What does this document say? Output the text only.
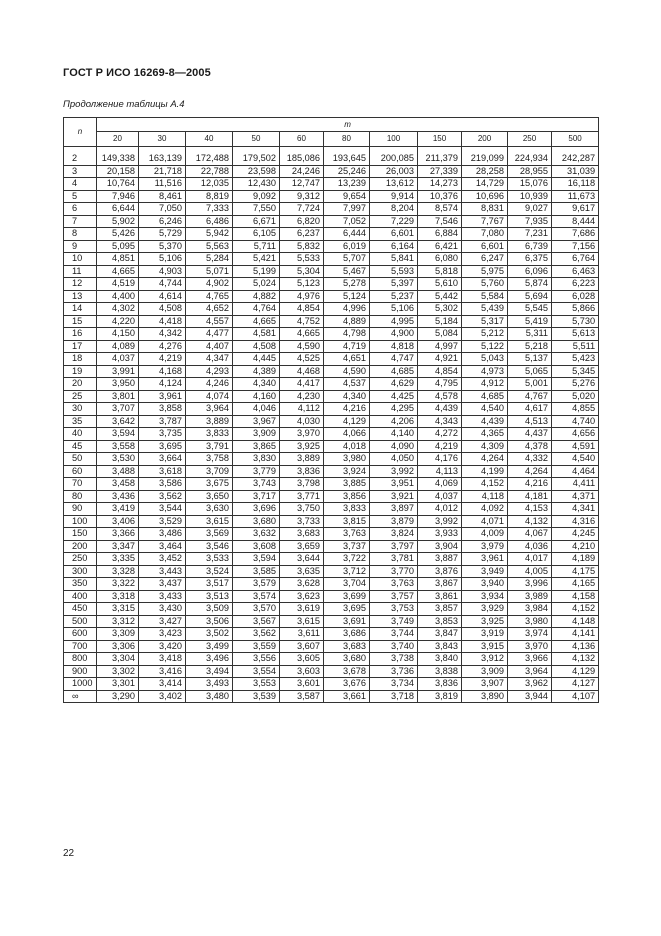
ГОСТ Р ИСО 16269-8—2005
Продолжение таблицы А.4
n	m										
	20	30	40	50	60	80	100	150	200	250	500
2	149,338	163,139	172,488	179,502	185,086	193,645	200,085	211,379	219,099	224,934	242,287
3	20,158	21,718	22,788	23,598	24,246	25,246	26,003	27,339	28,258	28,955	31,039
4	10,764	11,516	12,035	12,430	12,747	13,239	13,612	14,273	14,729	15,076	16,118
5	7,946	8,461	8,819	9,092	9,312	9,654	9,914	10,376	10,696	10,939	11,673
6	6,644	7,050	7,333	7,550	7,724	7,997	8,204	8,574	8,831	9,027	9,617
7	5,902	6,246	6,486	6,671	6,820	7,052	7,229	7,546	7,767	7,935	8,444
8	5,426	5,729	5,942	6,105	6,237	6,444	6,601	6,884	7,080	7,231	7,686
9	5,095	5,370	5,563	5,711	5,832	6,019	6,164	6,421	6,601	6,739	7,156
10	4,851	5,106	5,284	5,421	5,533	5,707	5,841	6,080	6,247	6,375	6,764
11	4,665	4,903	5,071	5,199	5,304	5,467	5,593	5,818	5,975	6,096	6,463
12	4,519	4,744	4,902	5,024	5,123	5,278	5,397	5,610	5,760	5,874	6,223
13	4,400	4,614	4,765	4,882	4,976	5,124	5,237	5,442	5,584	5,694	6,028
14	4,302	4,508	4,652	4,764	4,854	4,996	5,106	5,302	5,439	5,545	5,866
15	4,220	4,418	4,557	4,665	4,752	4,889	4,995	5,184	5,317	5,419	5,730
16	4,150	4,342	4,477	4,581	4,665	4,798	4,900	5,084	5,212	5,311	5,613
17	4,089	4,276	4,407	4,508	4,590	4,719	4,818	4,997	5,122	5,218	5,511
18	4,037	4,219	4,347	4,445	4,525	4,651	4,747	4,921	5,043	5,137	5,423
19	3,991	4,168	4,293	4,389	4,468	4,590	4,685	4,854	4,973	5,065	5,345
20	3,950	4,124	4,246	4,340	4,417	4,537	4,629	4,795	4,912	5,001	5,276
25	3,801	3,961	4,074	4,160	4,230	4,340	4,425	4,578	4,685	4,767	5,020
30	3,707	3,858	3,964	4,046	4,112	4,216	4,295	4,439	4,540	4,617	4,855
35	3,642	3,787	3,889	3,967	4,030	4,129	4,206	4,343	4,439	4,513	4,740
40	3,594	3,735	3,833	3,909	3,970	4,066	4,140	4,272	4,365	4,437	4,656
45	3,558	3,695	3,791	3,865	3,925	4,018	4,090	4,219	4,309	4,378	4,591
50	3,530	3,664	3,758	3,830	3,889	3,980	4,050	4,176	4,264	4,332	4,540
60	3,488	3,618	3,709	3,779	3,836	3,924	3,992	4,113	4,199	4,264	4,464
70	3,458	3,586	3,675	3,743	3,798	3,885	3,951	4,069	4,152	4,216	4,411
80	3,436	3,562	3,650	3,717	3,771	3,856	3,921	4,037	4,118	4,181	4,371
90	3,419	3,544	3,630	3,696	3,750	3,833	3,897	4,012	4,092	4,153	4,341
100	3,406	3,529	3,615	3,680	3,733	3,815	3,879	3,992	4,071	4,132	4,316
150	3,366	3,486	3,569	3,632	3,683	3,763	3,824	3,933	4,009	4,067	4,245
200	3,347	3,464	3,546	3,608	3,659	3,737	3,797	3,904	3,979	4,036	4,210
250	3,335	3,452	3,533	3,594	3,644	3,722	3,781	3,887	3,961	4,017	4,189
300	3,328	3,443	3,524	3,585	3,635	3,712	3,770	3,876	3,949	4,005	4,175
350	3,322	3,437	3,517	3,579	3,628	3,704	3,763	3,867	3,940	3,996	4,165
400	3,318	3,433	3,513	3,574	3,623	3,699	3,757	3,861	3,934	3,989	4,158
450	3,315	3,430	3,509	3,570	3,619	3,695	3,753	3,857	3,929	3,984	4,152
500	3,312	3,427	3,506	3,567	3,615	3,691	3,749	3,853	3,925	3,980	4,148
600	3,309	3,423	3,502	3,562	3,611	3,686	3,744	3,847	3,919	3,974	4,141
700	3,306	3,420	3,499	3,559	3,607	3,683	3,740	3,843	3,915	3,970	4,136
800	3,304	3,418	3,496	3,556	3,605	3,680	3,738	3,840	3,912	3,966	4,132
900	3,302	3,416	3,494	3,554	3,603	3,678	3,736	3,838	3,909	3,964	4,129
1000	3,301	3,414	3,493	3,553	3,601	3,676	3,734	3,836	3,907	3,962	4,127
∞	3,290	3,402	3,480	3,539	3,587	3,661	3,718	3,819	3,890	3,944	4,107
22
